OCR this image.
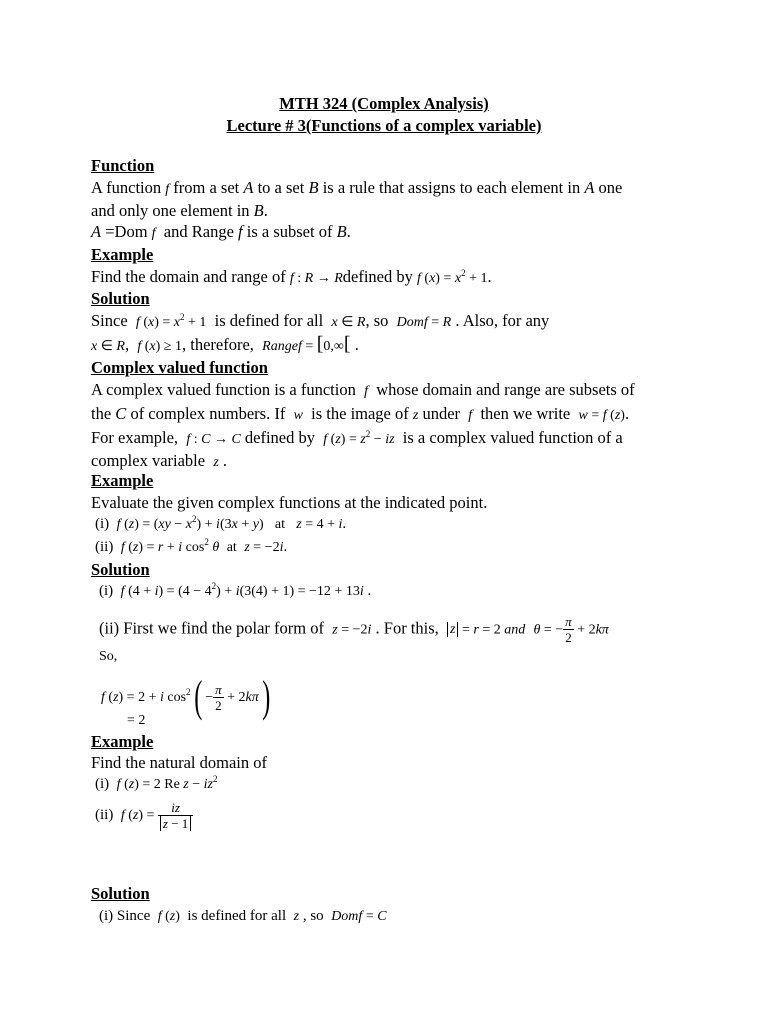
MTH 324 (Complex Analysis)
Lecture # 3(Functions of a complex variable)
Function
A function f from a set A to a set B is a rule that assigns to each element in A one
and only one element in B.
A =Dom f and Range f is a subset of B.
Example
Find the domain and range of f : R → Rdefined by f $(x) = x^2 + 1$.
Solution
Since f $(x) = x^2 + 1$ is defined for all x ∈ R, so Domf = R . Also, for any
x ∈ R,  f (x) ≥ 1, therefore, Rangef = [0,∞[ .
Complex valued function
A complex valued function is a function f whose domain and range are subsets of
the C of complex numbers. If w is the image of z under f then we write w = f (z).
For example, f : C → C defined by f $(z) = z^2$ − iz is a complex valued function of a
complex variable z .
Example
Evaluate the given complex functions at the indicated point.
(i) f $(z) = (xy - x^2) + i(3x + y)$ at z = 4 + i.
(ii) f (z) = r + i $\cos^2 \theta$ at z = −2i.
Solution
(i) f $(4 + i) = (4 - 4^2) + i(3(4) + 1) = -12 + 13i$ .
(ii) First we find the polar form of z = −2i . For this, z = r = 2 and θ = − $\frac{\pi}{2} + 2k\pi$
So,
f (z) = 2 + i $\cos^2( - \frac{\pi}{2} + 2k\pi)$
= 2
Example
Find the natural domain of
(i) f (z) = 2 Re $z - iz^2$
(ii) f $(z) = \frac{iz}{z - 1}$
Solution
(i) Since f (z) is defined for all z , so Domf = C
